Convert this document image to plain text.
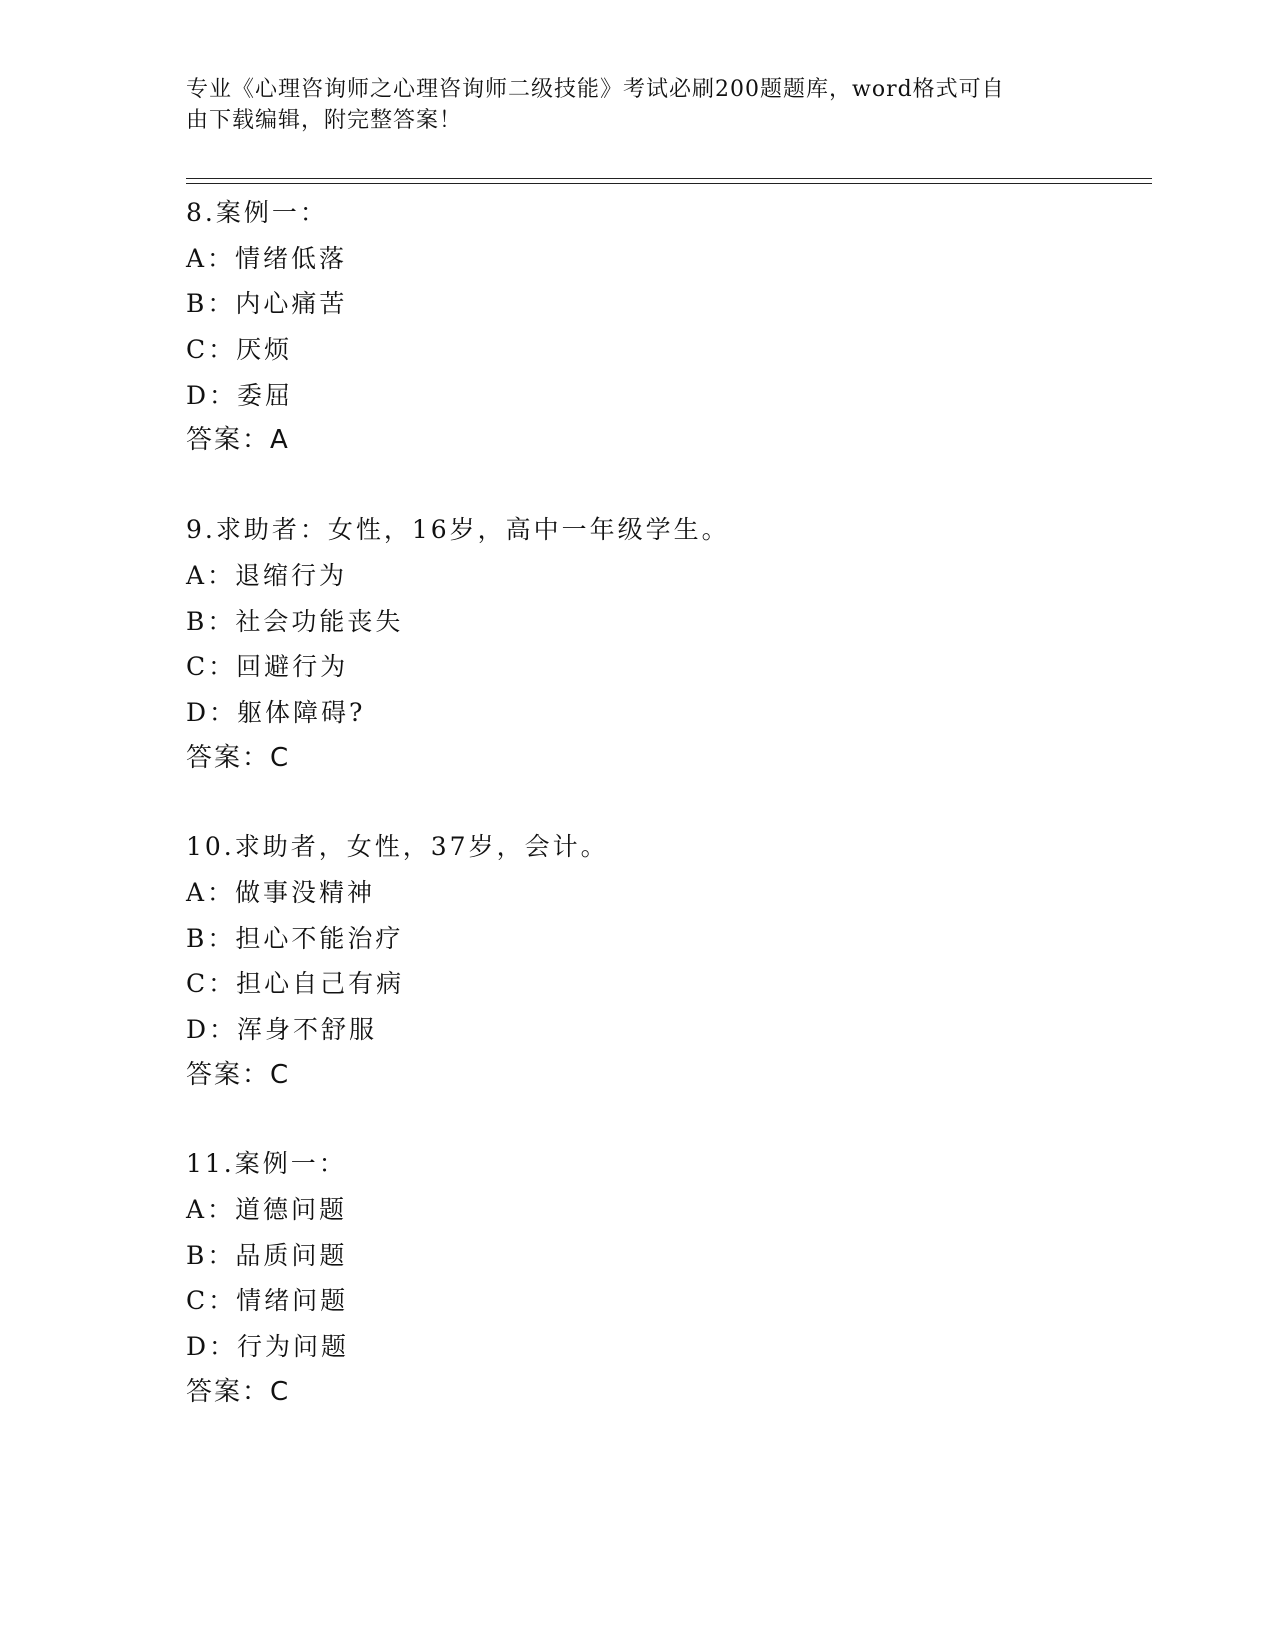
专业《心理咨询师之心理咨询师二级技能》考试必刷200题题库，word格式可自
由下载编辑，附完整答案！
8.案例一：
A：情绪低落
B：内心痛苦
C：厌烦
D：委屈
答案：A
9.求助者：女性，16岁，高中一年级学生。
A：退缩行为
B：社会功能丧失
C：回避行为
D：躯体障碍?
答案：C
10.求助者，女性，37岁，会计。
A：做事没精神
B：担心不能治疗
C：担心自己有病
D：浑身不舒服
答案：C
11.案例一：
A：道德问题
B：品质问题
C：情绪问题
D：行为问题
答案：C
